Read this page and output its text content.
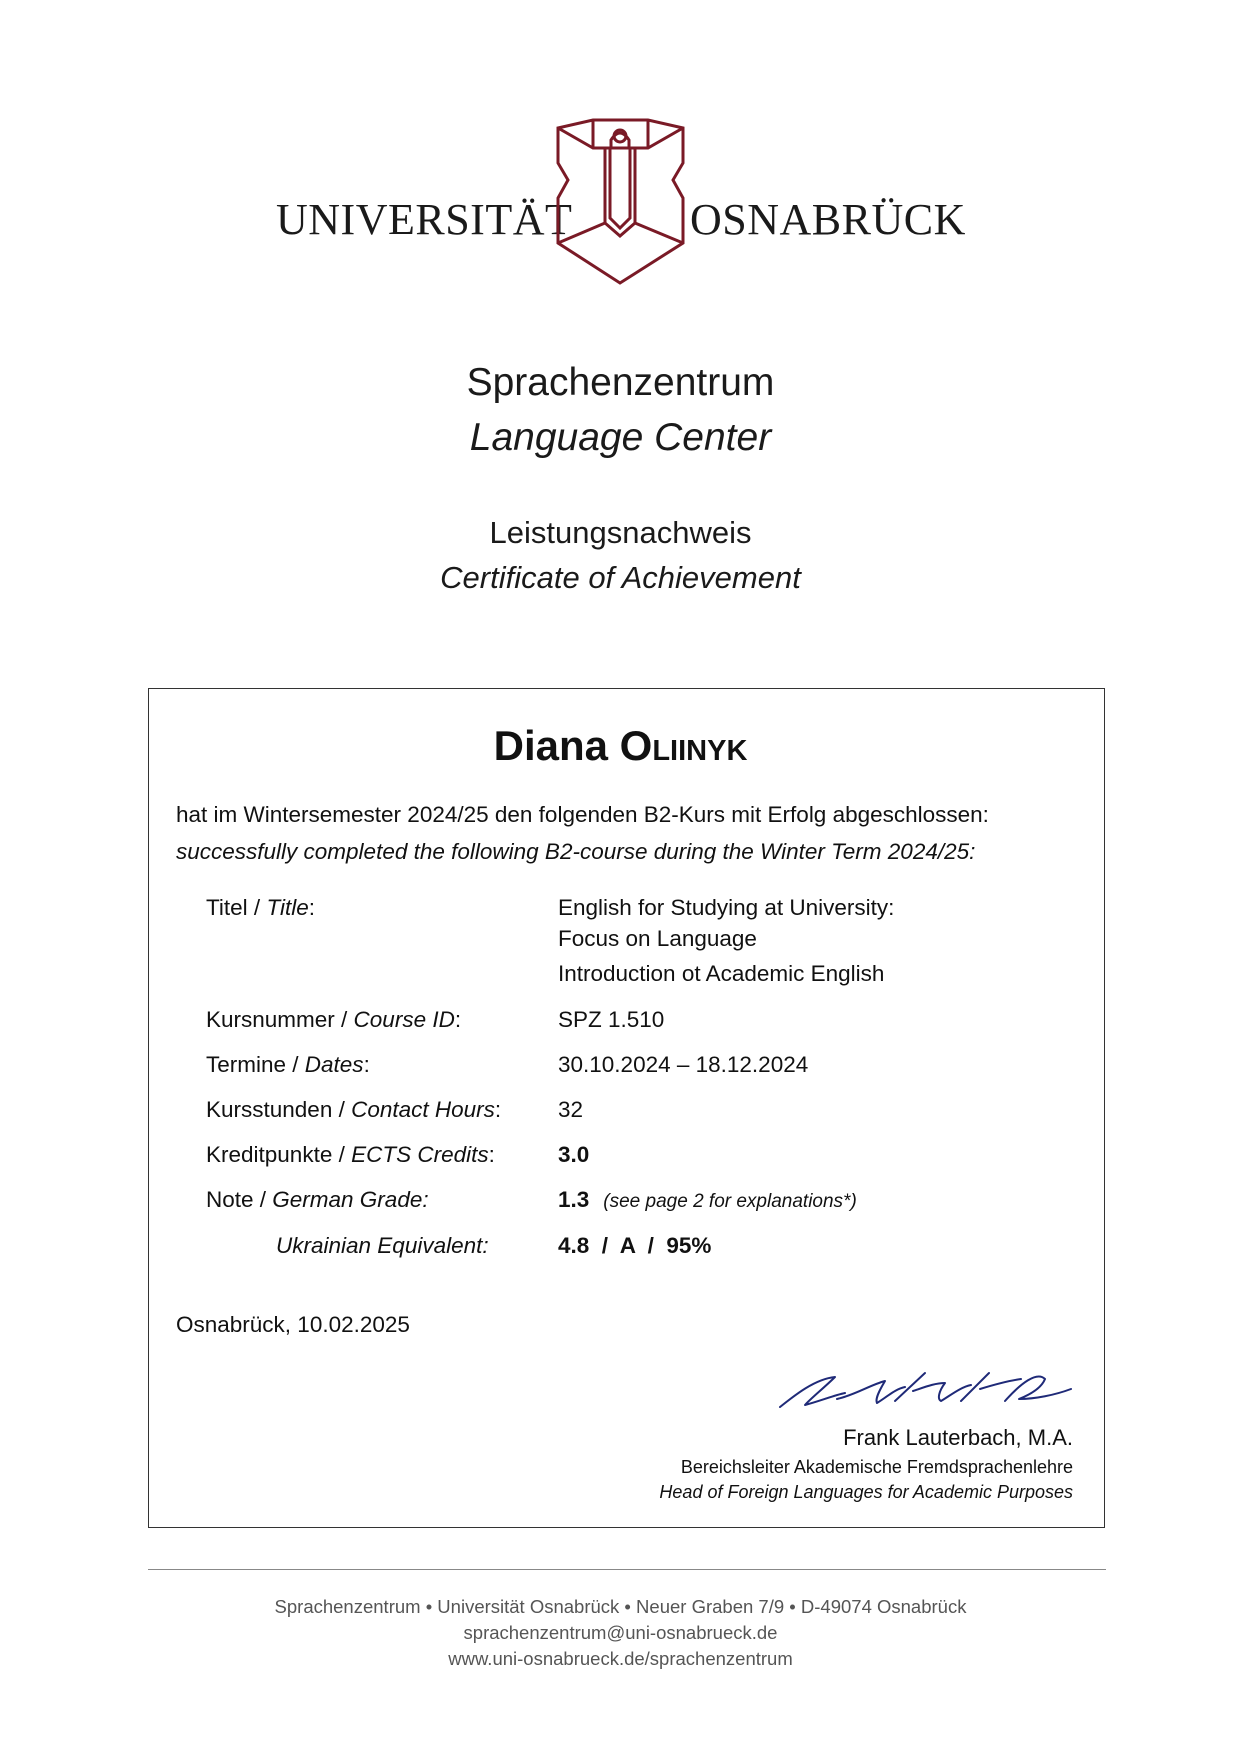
UNIVERSITÄT	OSNABRÜCK
Sprachenzentrum
Language Center
Leistungsnachweis
Certificate of Achievement
Diana Oliinyk
hat im Wintersemester 2024/25 den folgenden B2-Kurs mit Erfolg abgeschlossen:
successfully completed the following B2-course during the Winter Term 2024/25:
Titel / Title:	English for Studying at University:
Focus on Language
Introduction ot Academic English
Kursnummer / Course ID:	SPZ 1.510
Termine / Dates:	30.10.2024 – 18.12.2024
Kursstunden / Contact Hours:	32
Kreditpunkte / ECTS Credits:	3.0
Note / German Grade:	1.3 (see page 2 for explanations*)
Ukrainian Equivalent:	4.8  /  A  /  95%
Osnabrück, 10.02.2025
Frank Lauterbach, M.A.
Bereichsleiter Akademische Fremdsprachenlehre
Head of Foreign Languages for Academic Purposes
Sprachenzentrum • Universität Osnabrück • Neuer Graben 7/9 • D-49074 Osnabrück
sprachenzentrum@uni-osnabrueck.de
www.uni-osnabrueck.de/sprachenzentrum
